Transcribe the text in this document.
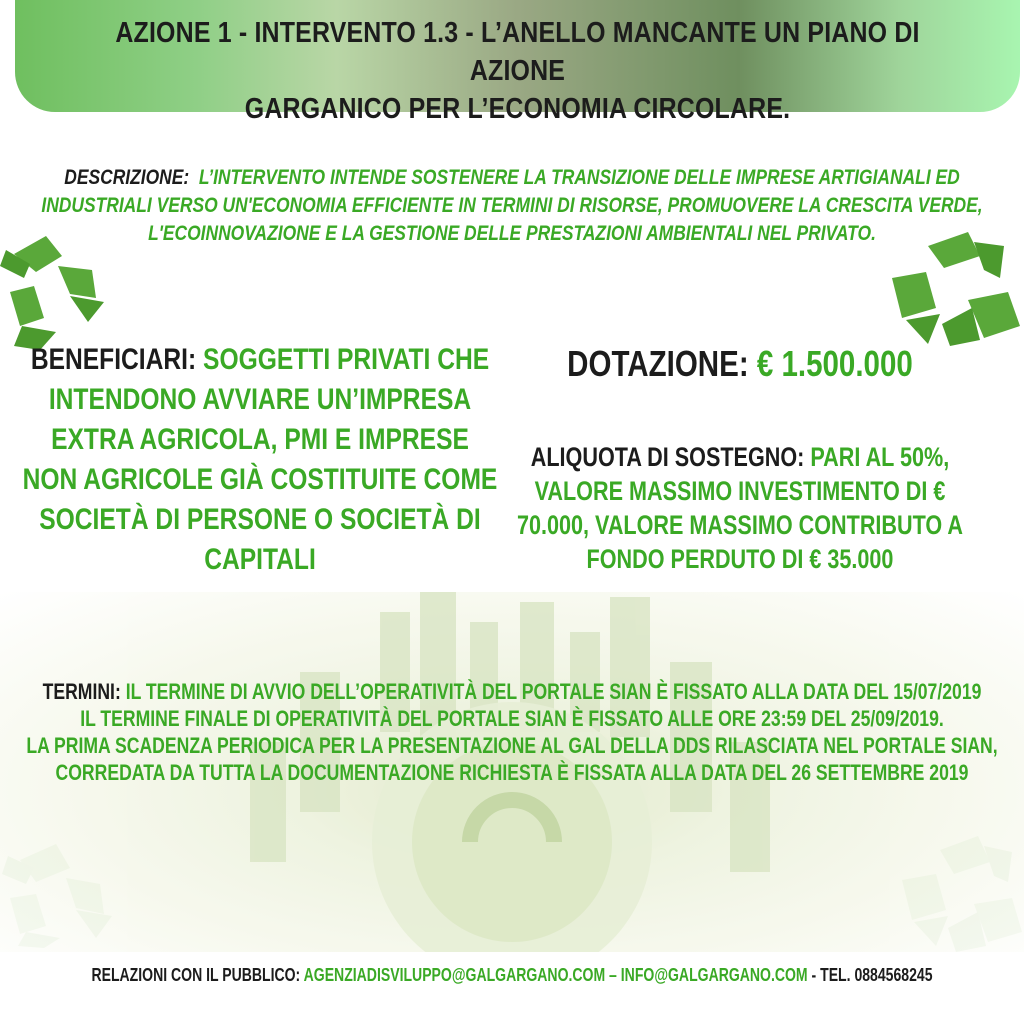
AZIONE 1 - INTERVENTO 1.3 - L’ANELLO MANCANTE UN PIANO DI AZIONE
GARGANICO PER L’ECONOMIA CIRCOLARE.
DESCRIZIONE: L’INTERVENTO INTENDE SOSTENERE LA TRANSIZIONE DELLE IMPRESE ARTIGIANALI ED INDUSTRIALI VERSO UN'ECONOMIA EFFICIENTE IN TERMINI DI RISORSE, PROMUOVERE LA CRESCITA VERDE, L'ECOINNOVAZIONE E LA GESTIONE DELLE PRESTAZIONI AMBIENTALI NEL PRIVATO.
BENEFICIARI: SOGGETTI PRIVATI CHE INTENDONO AVVIARE UN’IMPRESA EXTRA AGRICOLA, PMI E IMPRESE NON AGRICOLE GIÀ COSTITUITE COME SOCIETÀ DI PERSONE O SOCIETÀ DI CAPITALI
DOTAZIONE: € 1.500.000
ALIQUOTA DI SOSTEGNO: PARI AL 50%, VALORE MASSIMO INVESTIMENTO DI € 70.000, VALORE MASSIMO CONTRIBUTO A FONDO PERDUTO DI € 35.000
TERMINI: IL TERMINE DI AVVIO DELL’OPERATIVITÀ DEL PORTALE SIAN È FISSATO ALLA DATA DEL 15/07/2019
IL TERMINE FINALE DI OPERATIVITÀ DEL PORTALE SIAN È FISSATO ALLE ORE 23:59 DEL 25/09/2019.
LA PRIMA SCADENZA PERIODICA PER LA PRESENTAZIONE AL GAL DELLA DDS RILASCIATA NEL PORTALE SIAN,
CORREDATA DA TUTTA LA DOCUMENTAZIONE RICHIESTA È FISSATA ALLA DATA DEL 26 SETTEMBRE 2019
RELAZIONI CON IL PUBBLICO: AGENZIADISVILUPPO@GALGARGANO.COM – INFO@GALGARGANO.COM - TEL. 0884568245
